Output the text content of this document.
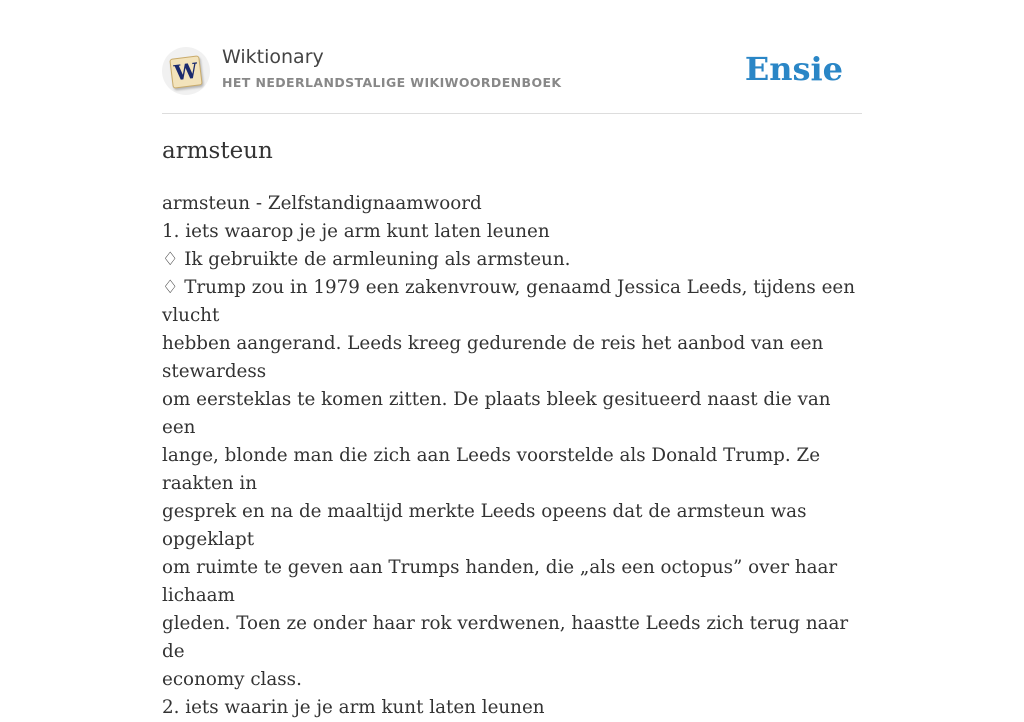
W
Wiktionary
HET NEDERLANDSTALIGE WIKIWOORDENBOEK	Ensie
armsteun
armsteun - Zelfstandignaamwoord
1. iets waarop je je arm kunt laten leunen
♢ Ik gebruikte de armleuning als armsteun.
♢ Trump zou in 1979 een zakenvrouw, genaamd Jessica Leeds, tijdens een vlucht
hebben aangerand. Leeds kreeg gedurende de reis het aanbod van een stewardess
om eersteklas te komen zitten. De plaats bleek gesitueerd naast die van een
lange, blonde man die zich aan Leeds voorstelde als Donald Trump. Ze raakten in
gesprek en na de maaltijd merkte Leeds opeens dat de armsteun was opgeklapt
om ruimte te geven aan Trumps handen, die „als een octopus” over haar lichaam
gleden. Toen ze onder haar rok verdwenen, haastte Leeds zich terug naar de
economy class.
2. iets waarin je je arm kunt laten leunen
